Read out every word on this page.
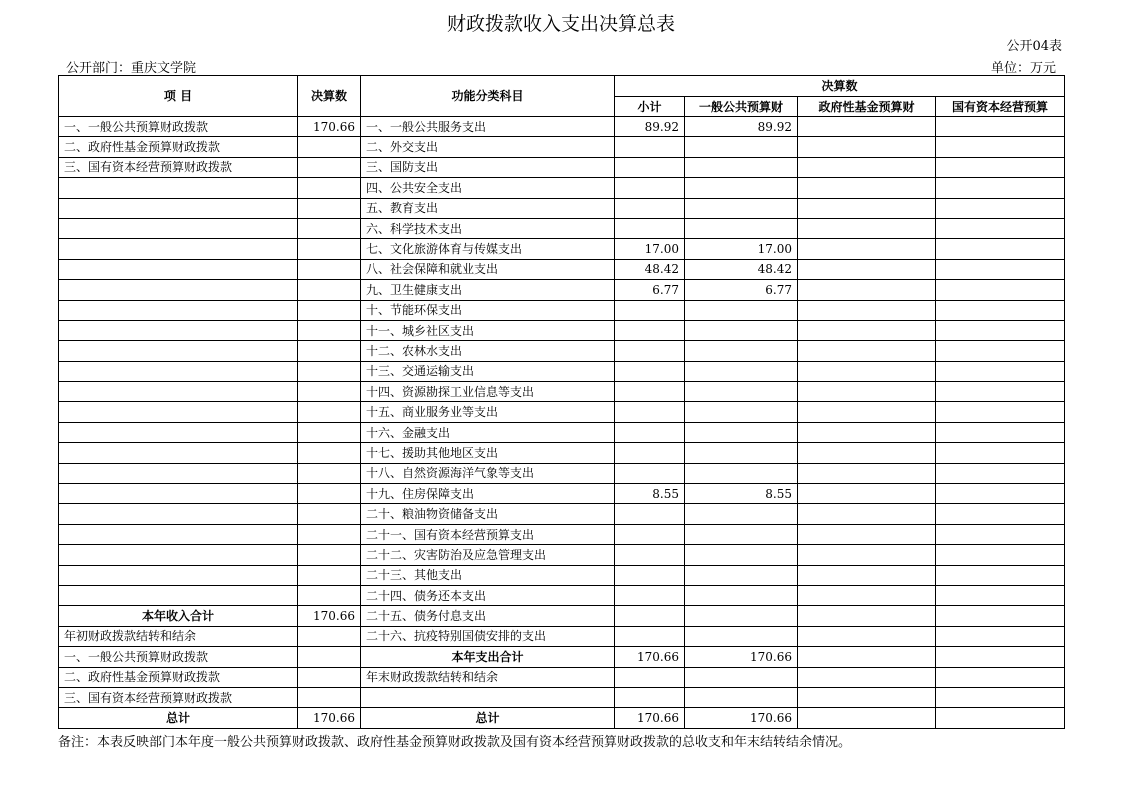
财政拨款收入支出决算总表
公开04表
公开部门：重庆文学院	单位：万元
项 目	决算数	功能分类科目	决算数			
			小计	一般公共预算财	政府性基金预算财	国有资本经营预算
一、一般公共预算财政拨款	170.66	一、一般公共服务支出	89.92	89.92		
二、政府性基金预算财政拨款		二、外交支出				
三、国有资本经营预算财政拨款		三、国防支出				
		四、公共安全支出				
		五、教育支出				
		六、科学技术支出				
		七、文化旅游体育与传媒支出	17.00	17.00		
		八、社会保障和就业支出	48.42	48.42		
		九、卫生健康支出	6.77	6.77		
		十、节能环保支出				
		十一、城乡社区支出				
		十二、农林水支出				
		十三、交通运输支出				
		十四、资源勘探工业信息等支出				
		十五、商业服务业等支出				
		十六、金融支出				
		十七、援助其他地区支出				
		十八、自然资源海洋气象等支出				
		十九、住房保障支出	8.55	8.55		
		二十、粮油物资储备支出				
		二十一、国有资本经营预算支出				
		二十二、灾害防治及应急管理支出				
		二十三、其他支出				
		二十四、债务还本支出				
本年收入合计	170.66	二十五、债务付息支出				
年初财政拨款结转和结余		二十六、抗疫特别国债安排的支出				
一、一般公共预算财政拨款		本年支出合计	170.66	170.66		
二、政府性基金预算财政拨款		年末财政拨款结转和结余				
三、国有资本经营预算财政拨款						
总计	170.66	总计	170.66	170.66		
备注：本表反映部门本年度一般公共预算财政拨款、政府性基金预算财政拨款及国有资本经营预算财政拨款的总收支和年末结转结余情况。
